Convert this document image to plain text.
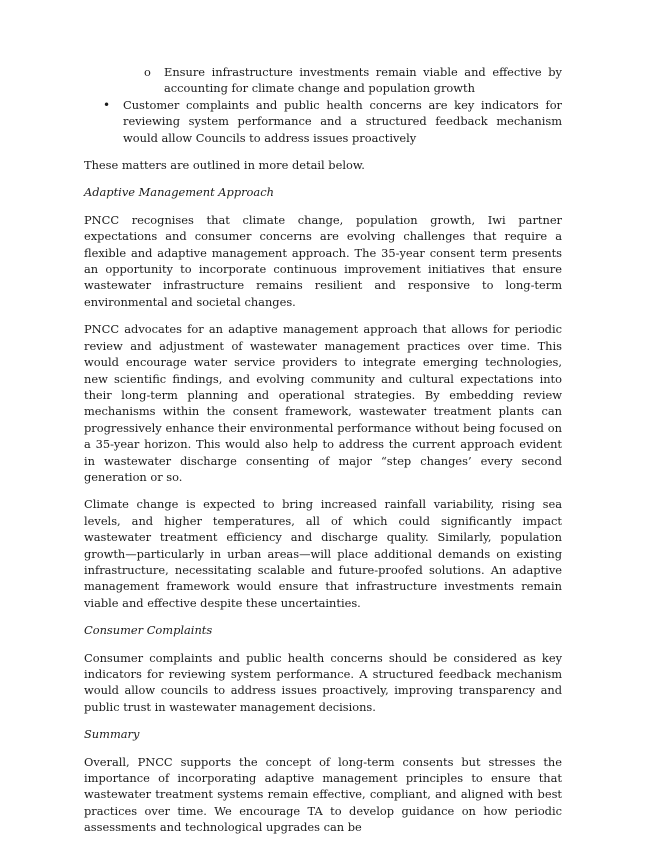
o Ensure infrastructure investments remain viable and effective by accounting for climate change and population growth

• Customer complaints and public health concerns are key indicators for reviewing system performance and a structured feedback mechanism would allow Councils to address issues proactively

These matters are outlined in more detail below.

Adaptive Management Approach

PNCC recognises that climate change, population growth, Iwi partner expectations and consumer concerns are evolving challenges that require a flexible and adaptive management approach. The 35-year consent term presents an opportunity to incorporate continuous improvement initiatives that ensure wastewater infrastructure remains resilient and responsive to long-term environmental and societal changes.

PNCC advocates for an adaptive management approach that allows for periodic review and adjustment of wastewater management practices over time. This would encourage water service providers to integrate emerging technologies, new scientific findings, and evolving community and cultural expectations into their long-term planning and operational strategies. By embedding review mechanisms within the consent framework, wastewater treatment plants can progressively enhance their environmental performance without being focused on a 35-year horizon. This would also help to address the current approach evident in wastewater discharge consenting of major “step changes’ every second generation or so.

Climate change is expected to bring increased rainfall variability, rising sea levels, and higher temperatures, all of which could significantly impact wastewater treatment efficiency and discharge quality. Similarly, population growth—particularly in urban areas—will place additional demands on existing infrastructure, necessitating scalable and future-proofed solutions. An adaptive management framework would ensure that infrastructure investments remain viable and effective despite these uncertainties.

Consumer Complaints

Consumer complaints and public health concerns should be considered as key indicators for reviewing system performance. A structured feedback mechanism would allow councils to address issues proactively, improving transparency and public trust in wastewater management decisions.

Summary

Overall, PNCC supports the concept of long-term consents but stresses the importance of incorporating adaptive management principles to ensure that wastewater treatment systems remain effective, compliant, and aligned with best practices over time. We encourage TA to develop guidance on how periodic assessments and technological upgrades can be
